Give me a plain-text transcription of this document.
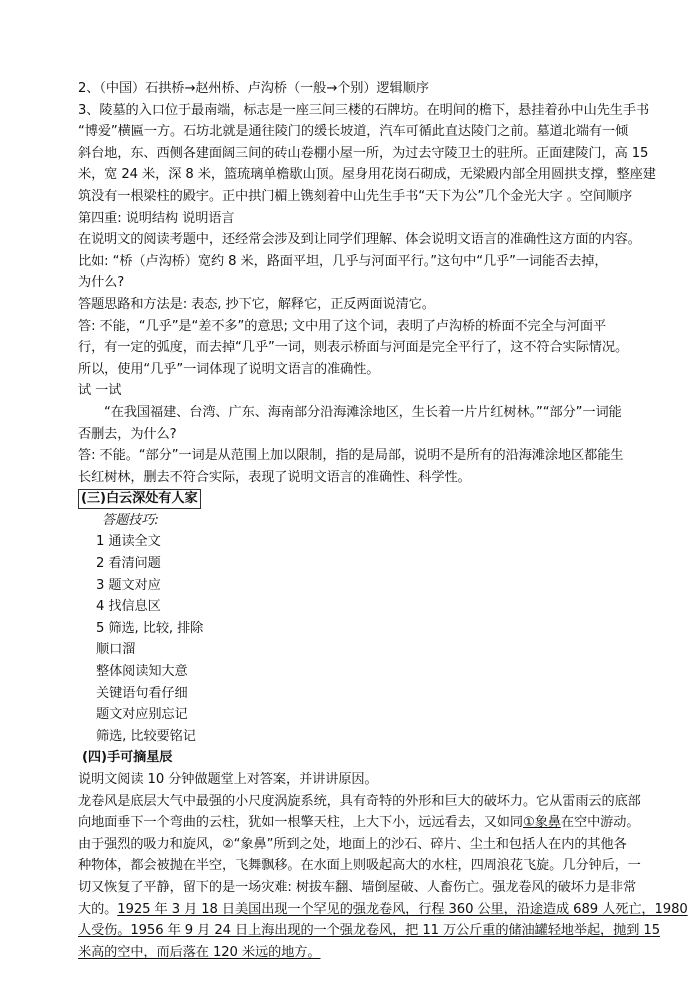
2、（中国）石拱桥→赵州桥、卢沟桥（一般→个别）逻辑顺序
3、陵墓的入口位于最南端，标志是一座三间三楼的石牌坊。在明间的檐下，悬挂着孙中山先生手书
“博爱”横匾一方。石坊北就是通往陵门的缓长坡道，汽车可循此直达陵门之前。墓道北端有一倾
斜台地，东、西侧各建面阔三间的砖山卷棚小屋一所，为过去守陵卫士的驻所。正面建陵门，高 15
米，宽 24 米，深 8 米，篮琉璃单檐歇山顶。屋身用花岗石砌成，无梁殿内部全用圆拱支撑，整座建
筑没有一根梁柱的殿宇。正中拱门楣上镌刻着中山先生手书“天下为公”几个金光大字 。空间顺序
第四重: 说明结构 说明语言
在说明文的阅读考题中，还经常会涉及到让同学们理解、体会说明文语言的准确性这方面的内容。
比如: “桥（卢沟桥）宽约 8 米，路面平坦，几乎与河面平行。”这句中“几乎”一词能否去掉，
为什么?
答题思路和方法是: 表态, 抄下它，解释它，正反两面说清它。
答: 不能，“几乎”是“差不多”的意思; 文中用了这个词，表明了卢沟桥的桥面不完全与河面平
行，有一定的弧度，而去掉“几乎”一词，则表示桥面与河面是完全平行了，这不符合实际情况。
所以，使用“几乎”一词体现了说明文语言的准确性。
试 一试
“在我国福建、台湾、广东、海南部分沿海滩涂地区，生长着一片片红树林。”“部分”一词能
否删去，为什么?
答: 不能。“部分”一词是从范围上加以限制，指的是局部，说明不是所有的沿海滩涂地区都能生
长红树林，删去不符合实际，表现了说明文语言的准确性、科学性。
(三)白云深处有人家
答题技巧:
1 通读全文
2 看清问题
3 题文对应
4 找信息区
5 筛选, 比较, 排除
顺口溜
整体阅读知大意
关键语句看仔细
题文对应别忘记
筛选, 比较要铭记
(四)手可摘星辰
说明文阅读 10 分钟做题堂上对答案，并讲讲原因。
龙卷风是底层大气中最强的小尺度涡旋系统，具有奇特的外形和巨大的破坏力。它从雷雨云的底部
向地面垂下一个弯曲的云柱，犹如一根擎天柱，上大下小，远远看去，又如同①象鼻在空中游动。
由于强烈的吸力和旋风，②“象鼻”所到之处，地面上的沙石、碎片、尘土和包括人在内的其他各
种物体，都会被抛在半空，飞舞飘移。在水面上则吸起高大的水柱，四周浪花飞旋。几分钟后，一
切又恢复了平静，留下的是一场灾难: 树拔车翻、墙倒屋破、人畜伤亡。强龙卷风的破坏力是非常
大的。1925 年 3 月 18 日美国出现一个罕见的强龙卷风，行程 360 公里，沿途造成 689 人死亡，1980
人受伤。1956 年 9 月 24 日上海出现的一个强龙卷风，把 11 万公斤重的储油罐轻地举起，抛到 15
米高的空中，而后落在 120 米远的地方。
